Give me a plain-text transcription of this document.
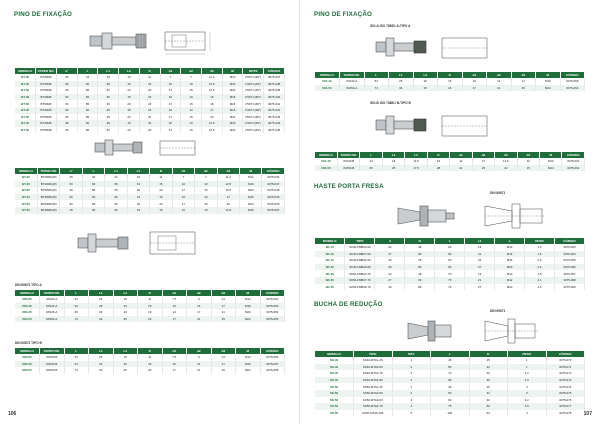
PINO DE FIXAÇÃO
MODELO	TAPER NO.	α°	L	L1	L2	D	d1	d2	d3	M	NOTE	CÓDIGO
BT-30	BT30MK	60	44	23	15	11	7	7	11.2	M12	P30T-1(45°)	3075-037
BT-40	BT40MK	45	60	35	15	15	10	10	12.5	M16	P40T-1(45°)	3075-038
BT-50	BT50MK	45	85	45	20	23	17	15	16.5	M24	P50T-1(45°)	3075-039
BT-40	BT40MK	60	60	35	15	15	10	10	15	M16	P40T-1(60°)	3075-040
BT-50	BT50MK	60	85	45	20	23	17	15	18	M24	P50T-1(60°)	3075-041
BT-40	BT40MK	90	60	35	15	15	10	10	17	M16	P40T-1(90°)	3075-042
BT-50	BT50MK	90	85	45	20	23	17	15	20	M24	P50T-1(90°)	3075-043
BT-40	BT40MK	45	60	35	15	15	10	10	12.5	M16	P40T-2(45°)	3075-044
BT-50	BT50MK	45	85	45	20	23	17	15	16.5	M24	P50T-2(45°)	3075-045
MODELO	TAPER NO.	α°	L	L1	L2	D	d1	d2	d3	M	CÓDIGO
BT-30	BT30MK(W)	45	44	23	15	11	7	7	11.2	M12	3075-046
BT-40	BT40MK(W)	60	60	35	15	15	10	10	12.5	M16	3075-047
BT-50	BT50MK(W)	45	85	45	20	23	17	15	16.5	M24	3075-048
BT-40	BT40MK(W)	90	60	35	15	15	10	10	17	M16	3075-049
BT-50	BT50MK(W)	90	85	45	20	23	17	15	20	M24	3075-050
BT-40	BT40MK(W)	45	60	35	15	15	10	10	12.5	M16	3075-051
DIN 69872 TIPO A
MODELO	TAPER NO.	L	L1	L2	D	d1	d2	d3	M	CÓDIGO
DIN-30	DIN30-A	44	24	19	11	7.5	9	13	M12	3075-052
DIN-40	DIN40-A	54	26	20	15	10	14	17	M16	3075-053
DIN-45	DIN45-A	65	33	23	19	14	17	21	M20	3075-054
DIN-50	DIN50-A	74	34	25	23	17	21	25	M24	3075-055
DIN 69872 TIPO B
MODELO	TAPER NO.	L	L1	L2	D	d1	d2	d3	M	CÓDIGO
DIN-30	DIN30-B	44	24	19	11	7.5	9	13	M12	3075-056
DIN-40	DIN40-B	54	26	20	15	10	14	17	M16	3075-057
DIN-50	DIN50-B	74	34	25	23	17	21	25	M24	3075-058
106
PINO DE FIXAÇÃO
ISO-A ISO 7388/1 A-TIPO A
MODELO	TAPER NO.	L	L1	L2	D	d1	d2	d3	M	CÓDIGO
ISO-40	ISO40-A	54	26	20	15	10	14	17	M16	3075-059
ISO-50	ISO50-A	74	34	25	23	17	21	25	M24	3075-060
ISO-B ISO 7388/1 B-TIPO B
MODELO	TAPER NO.	L	L1	L2	D	d1	d2	d3	d4	M	CÓDIGO
ISO-40	ISO40-B	44	18	11.5	19	14	17	14.5	10	M16	3075-061
ISO-50	ISO50-B	65	25	17.5	28	21	25	22	15	M24	3075-062
HASTE PORTA FRESA
DIN 69871
MODELO	TIPO	d	D	L	L1	a	PESO	CÓDIGO
SK-40	SK40-FMB22-60	22	48	60	19	M10	1.3	3075-063
SK-40	SK40-FMB27-60	27	60	60	21	M12	1.5	3075-064
SK-40	SK40-FMB32-60	32	78	60	24	M16	2.0	3075-065
SK-40	SK40-FMB40-60	40	89	60	27	M20	2.4	3075-066
SK-50	SK50-FMB22-70	22	48	70	19	M10	3.8	3075-067
SK-50	SK50-FMB27-70	27	60	70	21	M12	4.1	3075-068
SK-50	SK50-FMB40-70	40	89	70	27	M20	4.6	3075-069
BUCHA DE REDUÇÃO
DIN 69871
MODELO	TIPO	MT#	L	D	PESO	CÓDIGO
SK-40	SK40-MTA1-45	1	45	25	1	3075-070
SK-40	SK40-MTA2-50	2	50	32	1	3075-071
SK-40	SK40-MTA3-70	3	70	40	1.2	3075-072
SK-40	SK40-MTA4-95	4	95	50	1.6	3075-073
SK-50	SK50-MTA1-45	1	45	25	3	3075-074
SK-50	SK50-MTA2-50	2	50	32	3	3075-075
SK-50	SK50-MTA3-60	3	60	40	3.2	3075-076
SK-50	SK50-MTA4-75	4	75	50	3.5	3075-077
SK-50	SK50-MTA5-105	5	105	63	4	3075-078 107
